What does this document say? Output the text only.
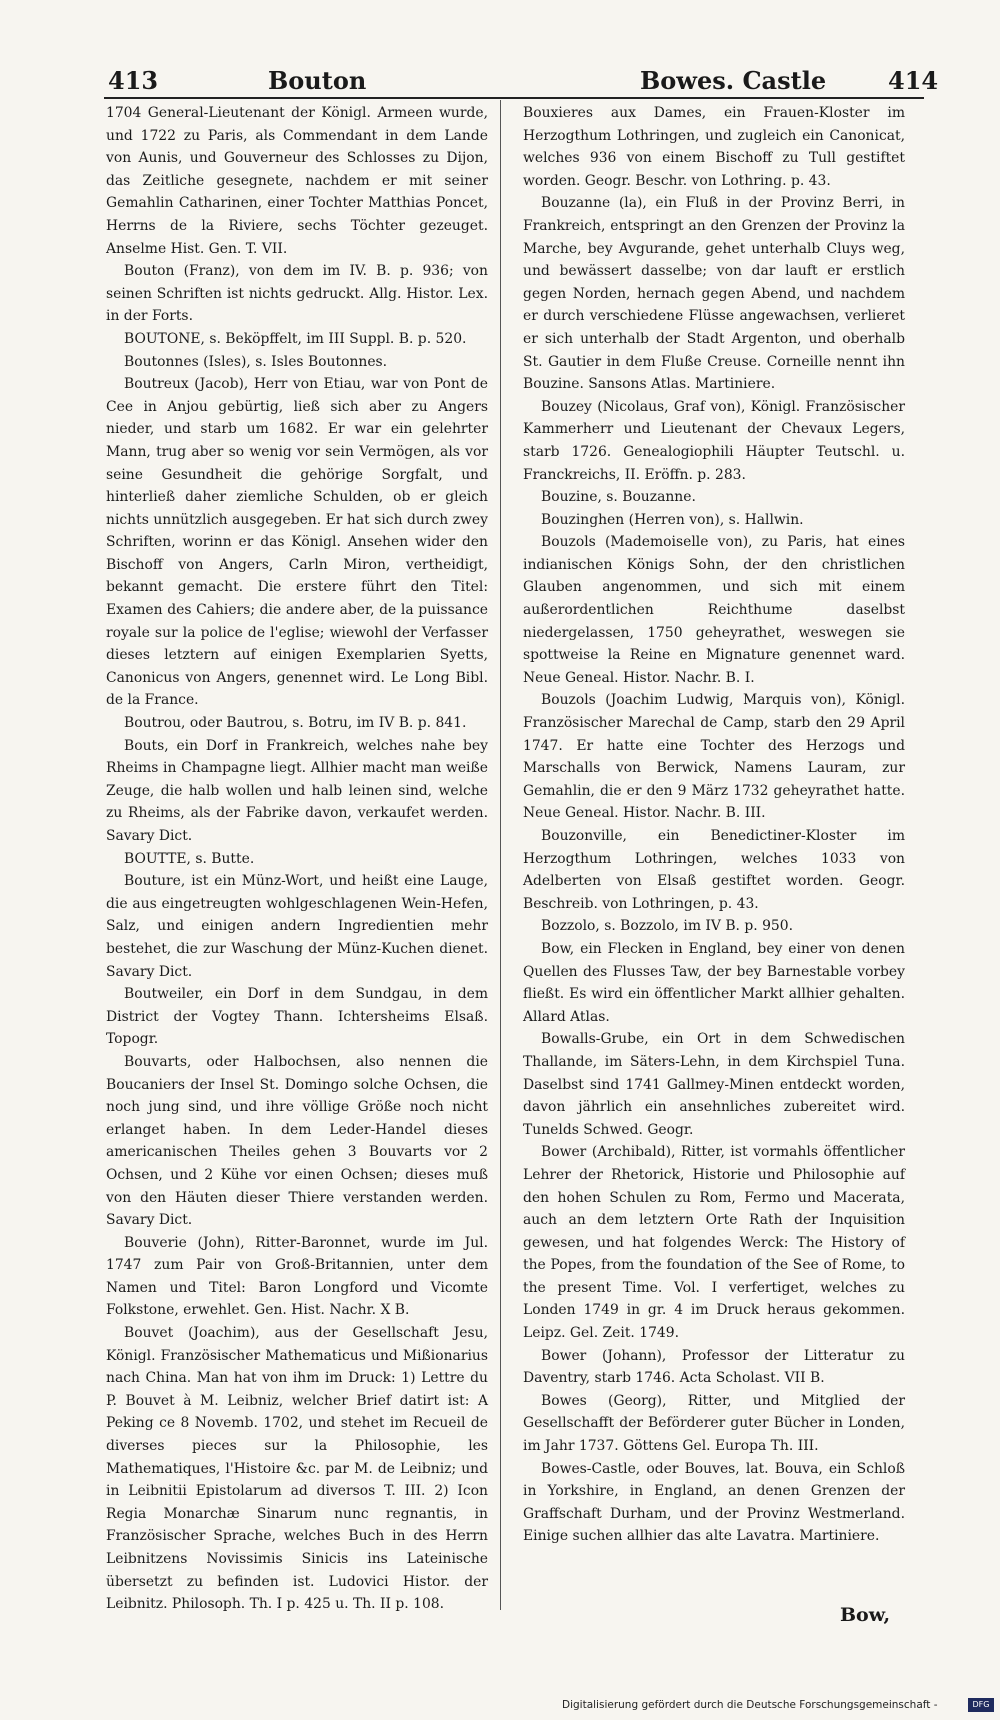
413	Bouton	Bowes. Castle	414

1704 General-Lieutenant der Königl. Armeen wurde, und 1722 zu Paris, als Commendant in dem Lande von Aunis, und Gouverneur des Schlosses zu Dijon, das Zeitliche gesegnete, nachdem er mit seiner Gemahlin Catharinen, einer Tochter Matthias Poncet, Herrns de la Riviere, sechs Töchter gezeuget. Anselme Hist. Gen. T. VII.

Bouton (Franz), von dem im IV. B. p. 936; von seinen Schriften ist nichts gedruckt. Allg. Histor. Lex. in der Forts.

BOUTONE, s. Beköpffelt, im III Suppl. B. p. 520.

Boutonnes (Isles), s. Isles Boutonnes.

Boutreux (Jacob), Herr von Etiau, war von Pont de Cee in Anjou gebürtig, ließ sich aber zu Angers nieder, und starb um 1682. Er war ein gelehrter Mann, trug aber so wenig vor sein Vermögen, als vor seine Gesundheit die gehörige Sorgfalt, und hinterließ daher ziemliche Schulden, ob er gleich nichts unnützlich ausgegeben. Er hat sich durch zwey Schriften, worinn er das Königl. Ansehen wider den Bischoff von Angers, Carln Miron, vertheidigt, bekannt gemacht. Die erstere führt den Titel: Examen des Cahiers; die andere aber, de la puissance royale sur la police de l'eglise; wiewohl der Verfasser dieses letztern auf einigen Exemplarien Syetts, Canonicus von Angers, genennet wird. Le Long Bibl. de la France.

Boutrou, oder Bautrou, s. Botru, im IV B. p. 841.

Bouts, ein Dorf in Frankreich, welches nahe bey Rheims in Champagne liegt. Allhier macht man weiße Zeuge, die halb wollen und halb leinen sind, welche zu Rheims, als der Fabrike davon, verkaufet werden. Savary Dict.

BOUTTE, s. Butte.

Bouture, ist ein Münz-Wort, und heißt eine Lauge, die aus eingetreugten wohlgeschlagenen Wein-Hefen, Salz, und einigen andern Ingredientien mehr bestehet, die zur Waschung der Münz-Kuchen dienet. Savary Dict.

Boutweiler, ein Dorf in dem Sundgau, in dem District der Vogtey Thann. Ichtersheims Elsaß. Topogr.

Bouvarts, oder Halbochsen, also nennen die Boucaniers der Insel St. Domingo solche Ochsen, die noch jung sind, und ihre völlige Größe noch nicht erlanget haben. In dem Leder-Handel dieses americanischen Theiles gehen 3 Bouvarts vor 2 Ochsen, und 2 Kühe vor einen Ochsen; dieses muß von den Häuten dieser Thiere verstanden werden. Savary Dict.

Bouverie (John), Ritter-Baronnet, wurde im Jul. 1747 zum Pair von Groß-Britannien, unter dem Namen und Titel: Baron Longford und Vicomte Folkstone, erwehlet. Gen. Hist. Nachr. X B.

Bouvet (Joachim), aus der Gesellschaft Jesu, Königl. Französischer Mathematicus und Mißionarius nach China. Man hat von ihm im Druck: 1) Lettre du P. Bouvet à M. Leibniz, welcher Brief datirt ist: A Peking ce 8 Novemb. 1702, und stehet im Recueil de diverses pieces sur la Philosophie, les Mathematiques, l'Histoire &c. par M. de Leibniz; und in Leibnitii Epistolarum ad diversos T. III. 2) Icon Regia Monarchæ Sinarum nunc regnantis, in Französischer Sprache, welches Buch in des Herrn Leibnitzens Novissimis Sinicis ins Lateinische übersetzt zu befinden ist. Ludovici Histor. der Leibnitz. Philosoph. Th. I p. 425 u. Th. II p. 108.

Bouxieres aux Dames, ein Frauen-Kloster im Herzogthum Lothringen, und zugleich ein Canonicat, welches 936 von einem Bischoff zu Tull gestiftet worden. Geogr. Beschr. von Lothring. p. 43.

Bouzanne (la), ein Fluß in der Provinz Berri, in Frankreich, entspringt an den Grenzen der Provinz la Marche, bey Avgurande, gehet unterhalb Cluys weg, und bewässert dasselbe; von dar lauft er erstlich gegen Norden, hernach gegen Abend, und nachdem er durch verschiedene Flüsse angewachsen, verlieret er sich unterhalb der Stadt Argenton, und oberhalb St. Gautier in dem Fluße Creuse. Corneille nennt ihn Bouzine. Sansons Atlas. Martiniere.

Bouzey (Nicolaus, Graf von), Königl. Französischer Kammerherr und Lieutenant der Chevaux Legers, starb 1726. Genealogiophili Häupter Teutschl. u. Franckreichs, II. Eröffn. p. 283.

Bouzine, s. Bouzanne.

Bouzinghen (Herren von), s. Hallwin.

Bouzols (Mademoiselle von), zu Paris, hat eines indianischen Königs Sohn, der den christlichen Glauben angenommen, und sich mit einem außerordentlichen Reichthume daselbst niedergelassen, 1750 geheyrathet, weswegen sie spottweise la Reine en Mignature genennet ward. Neue Geneal. Histor. Nachr. B. I.

Bouzols (Joachim Ludwig, Marquis von), Königl. Französischer Marechal de Camp, starb den 29 April 1747. Er hatte eine Tochter des Herzogs und Marschalls von Berwick, Namens Lauram, zur Gemahlin, die er den 9 März 1732 geheyrathet hatte. Neue Geneal. Histor. Nachr. B. III.

Bouzonville, ein Benedictiner-Kloster im Herzogthum Lothringen, welches 1033 von Adelberten von Elsaß gestiftet worden. Geogr. Beschreib. von Lothringen, p. 43.

Bozzolo, s. Bozzolo, im IV B. p. 950.

Bow, ein Flecken in England, bey einer von denen Quellen des Flusses Taw, der bey Barnestable vorbey fließt. Es wird ein öffentlicher Markt allhier gehalten. Allard Atlas.

Bowalls-Grube, ein Ort in dem Schwedischen Thallande, im Säters-Lehn, in dem Kirchspiel Tuna. Daselbst sind 1741 Gallmey-Minen entdeckt worden, davon jährlich ein ansehnliches zubereitet wird. Tunelds Schwed. Geogr.

Bower (Archibald), Ritter, ist vormahls öffentlicher Lehrer der Rhetorick, Historie und Philosophie auf den hohen Schulen zu Rom, Fermo und Macerata, auch an dem letztern Orte Rath der Inquisition gewesen, und hat folgendes Werck: The History of the Popes, from the foundation of the See of Rome, to the present Time. Vol. I verfertiget, welches zu Londen 1749 in gr. 4 im Druck heraus gekommen. Leipz. Gel. Zeit. 1749.

Bower (Johann), Professor der Litteratur zu Daventry, starb 1746. Acta Scholast. VII B.

Bowes (Georg), Ritter, und Mitglied der Gesellschafft der Beförderer guter Bücher in Londen, im Jahr 1737. Göttens Gel. Europa Th. III.

Bowes-Castle, oder Bouves, lat. Bouva, ein Schloß in Yorkshire, in England, an denen Grenzen der Graffschaft Durham, und der Provinz Westmerland. Einige suchen allhier das alte Lavatra. Martiniere.

Bow,
Digitalisierung gefördert durch die Deutsche Forschungsgemeinschaft -	DFG
